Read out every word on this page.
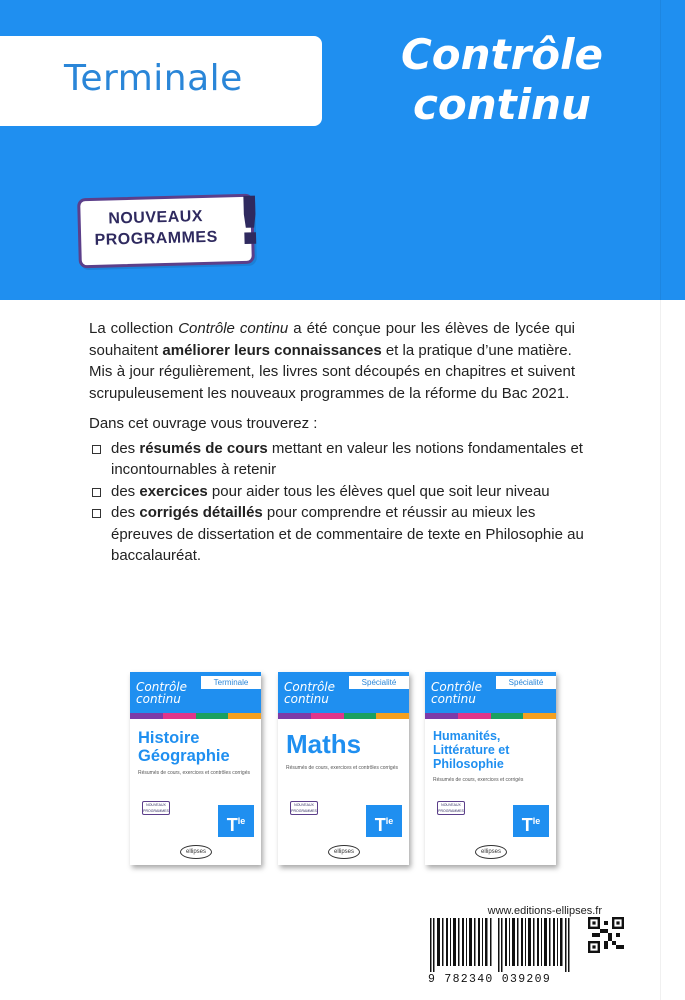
Terminale	Contrôle
continu
NOUVEAUX
PROGRAMMES !

La collection Contrôle continu a été conçue pour les élèves de lycée qui souhaitent améliorer leurs connaissances et la pratique d’une matière.

Mis à jour régulièrement, les livres sont découpés en chapitres et suivent scrupuleusement les nouveaux programmes de la réforme du Bac 2021.

Dans cet ouvrage vous trouverez :

des résumés de cours mettant en valeur les notions fondamentales et incontournables à retenir
des exercices pour aider tous les élèves quel que soit leur niveau
des corrigés détaillés pour comprendre et réussir au mieux les épreuves de dissertation et de commentaire de texte en Philosophie au baccalauréat.
Contrôle
continu
Terminale
Histoire
Géographie
Résumés de cours, exercices et contrôles corrigés
NOUVEAUX
PROGRAMMES
$T^{le}$
ellipses
Contrôle
continu
Spécialité
Maths
Résumés de cours, exercices et contrôles corrigés
NOUVEAUX
PROGRAMMES
$T^{le}$
ellipses
Contrôle
continu
Spécialité
Humanités,
Littérature et
Philosophie
Résumés de cours, exercices et corrigés
NOUVEAUX
PROGRAMMES
$T^{le}$
ellipses
www.editions-ellipses.fr
9 782340 039209
